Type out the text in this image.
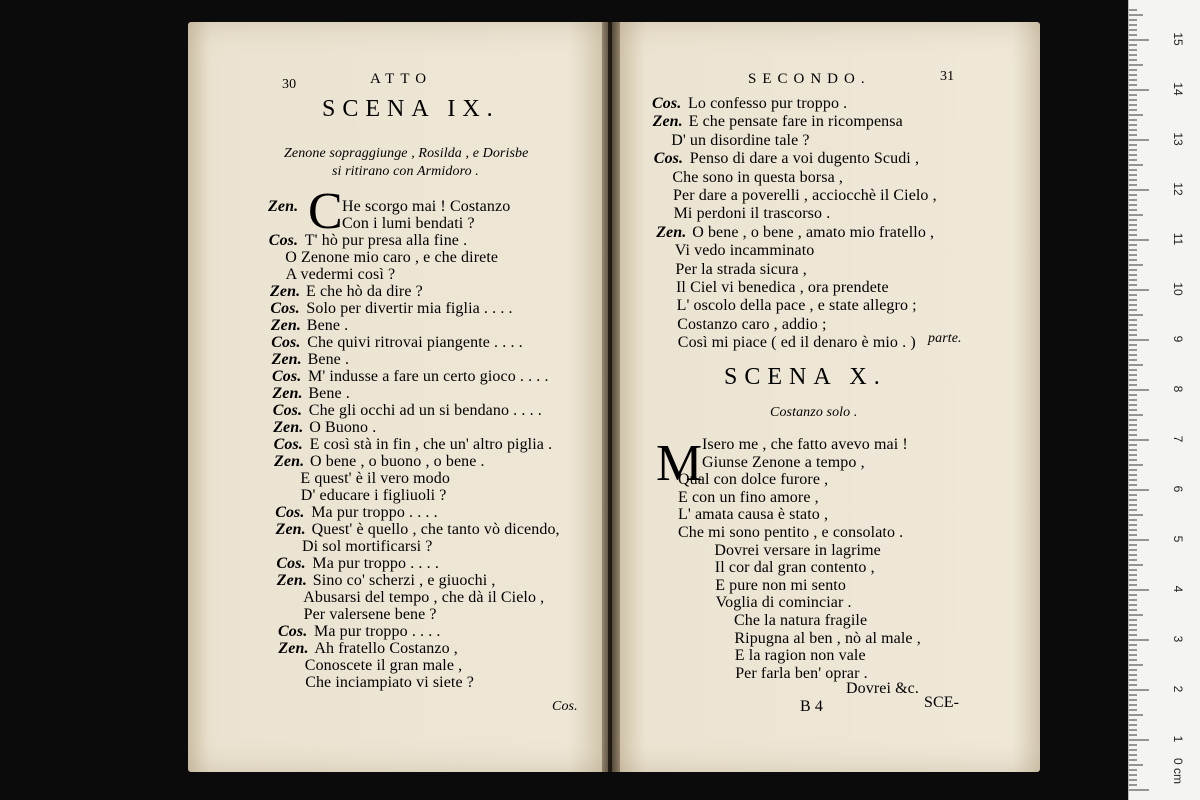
30	ATTO
SCENA IX.
Zenone sopraggiunge , Rosilda , e Dorisbe
si ritirano con Armidoro .
C
Zen.	He scorgo mai ! Costanzo
Con i lumi bendati ?
Cos. T' hò pur presa alla fine .
O Zenone mio caro , e che direte
A vedermi così ?
Zen. E che hò da dire ?
Cos. Solo per divertir mia figlia . . . .
Zen. Bene .
Cos. Che quivi ritrovai piangente . . . .
Zen. Bene .
Cos. M' indusse a fare un certo gioco . . . .
Zen. Bene .
Cos. Che gli occhi ad un si bendano . . . .
Zen. O Buono .
Cos. E così stà in fin , che un' altro piglia .
Zen. O bene , o buono , o bene .
E quest' è il vero modo
D' educare i figliuoli ?
Cos. Ma pur troppo . . . .
Zen. Quest' è quello , che tanto vò dicendo,
Di sol mortificarsi ?
Cos. Ma pur troppo . . . .
Zen. Sino co' scherzi , e giuochi ,
Abusarsi del tempo , che dà il Cielo ,
Per valersene bene ?
Cos. Ma pur troppo . . . .
Zen. Ah fratello Costanzo ,
Conoscete il gran male ,
Che inciampiato vi siete ?
Cos.
SECONDO.	31
Cos. Lo confesso pur troppo .
Zen. E che pensate fare in ricompensa
D' un disordine tale ?
Cos. Penso di dare a voi dugento Scudi ,
Che sono in questa borsa ,
Per dare a poverelli , acciocchè il Cielo ,
Mi perdoni il trascorso .
Zen. O bene , o bene , amato mio fratello ,
Vi vedo incamminato
Per la strada sicura ,
Il Ciel vi benedica , ora prendete
L' oscolo della pace , e state allegro ;
Costanzo caro , addio ;
Così mi piace ( ed il denaro è mio . ) parte.
SCENA X.
Costanzo solo .
M Isero me , che fatto avevo mai !
Giunse Zenone a tempo ,
Qual con dolce furore ,
E con un fino amore ,
L' amata causa è stato ,
Che mi sono pentito , e consolato .
Dovrei versare in lagrime
Il cor dal gran contento ,
E pure non mi sento
Voglia di cominciar .
Che la natura fragile
Ripugna al ben , nò al male ,
E la ragion non vale
Per farla ben' oprar .
Dovrei &c.
B 4	SCE-
0 cm
1
2
3
4
5
6
7
8
9
10
11
12
13
14
15
